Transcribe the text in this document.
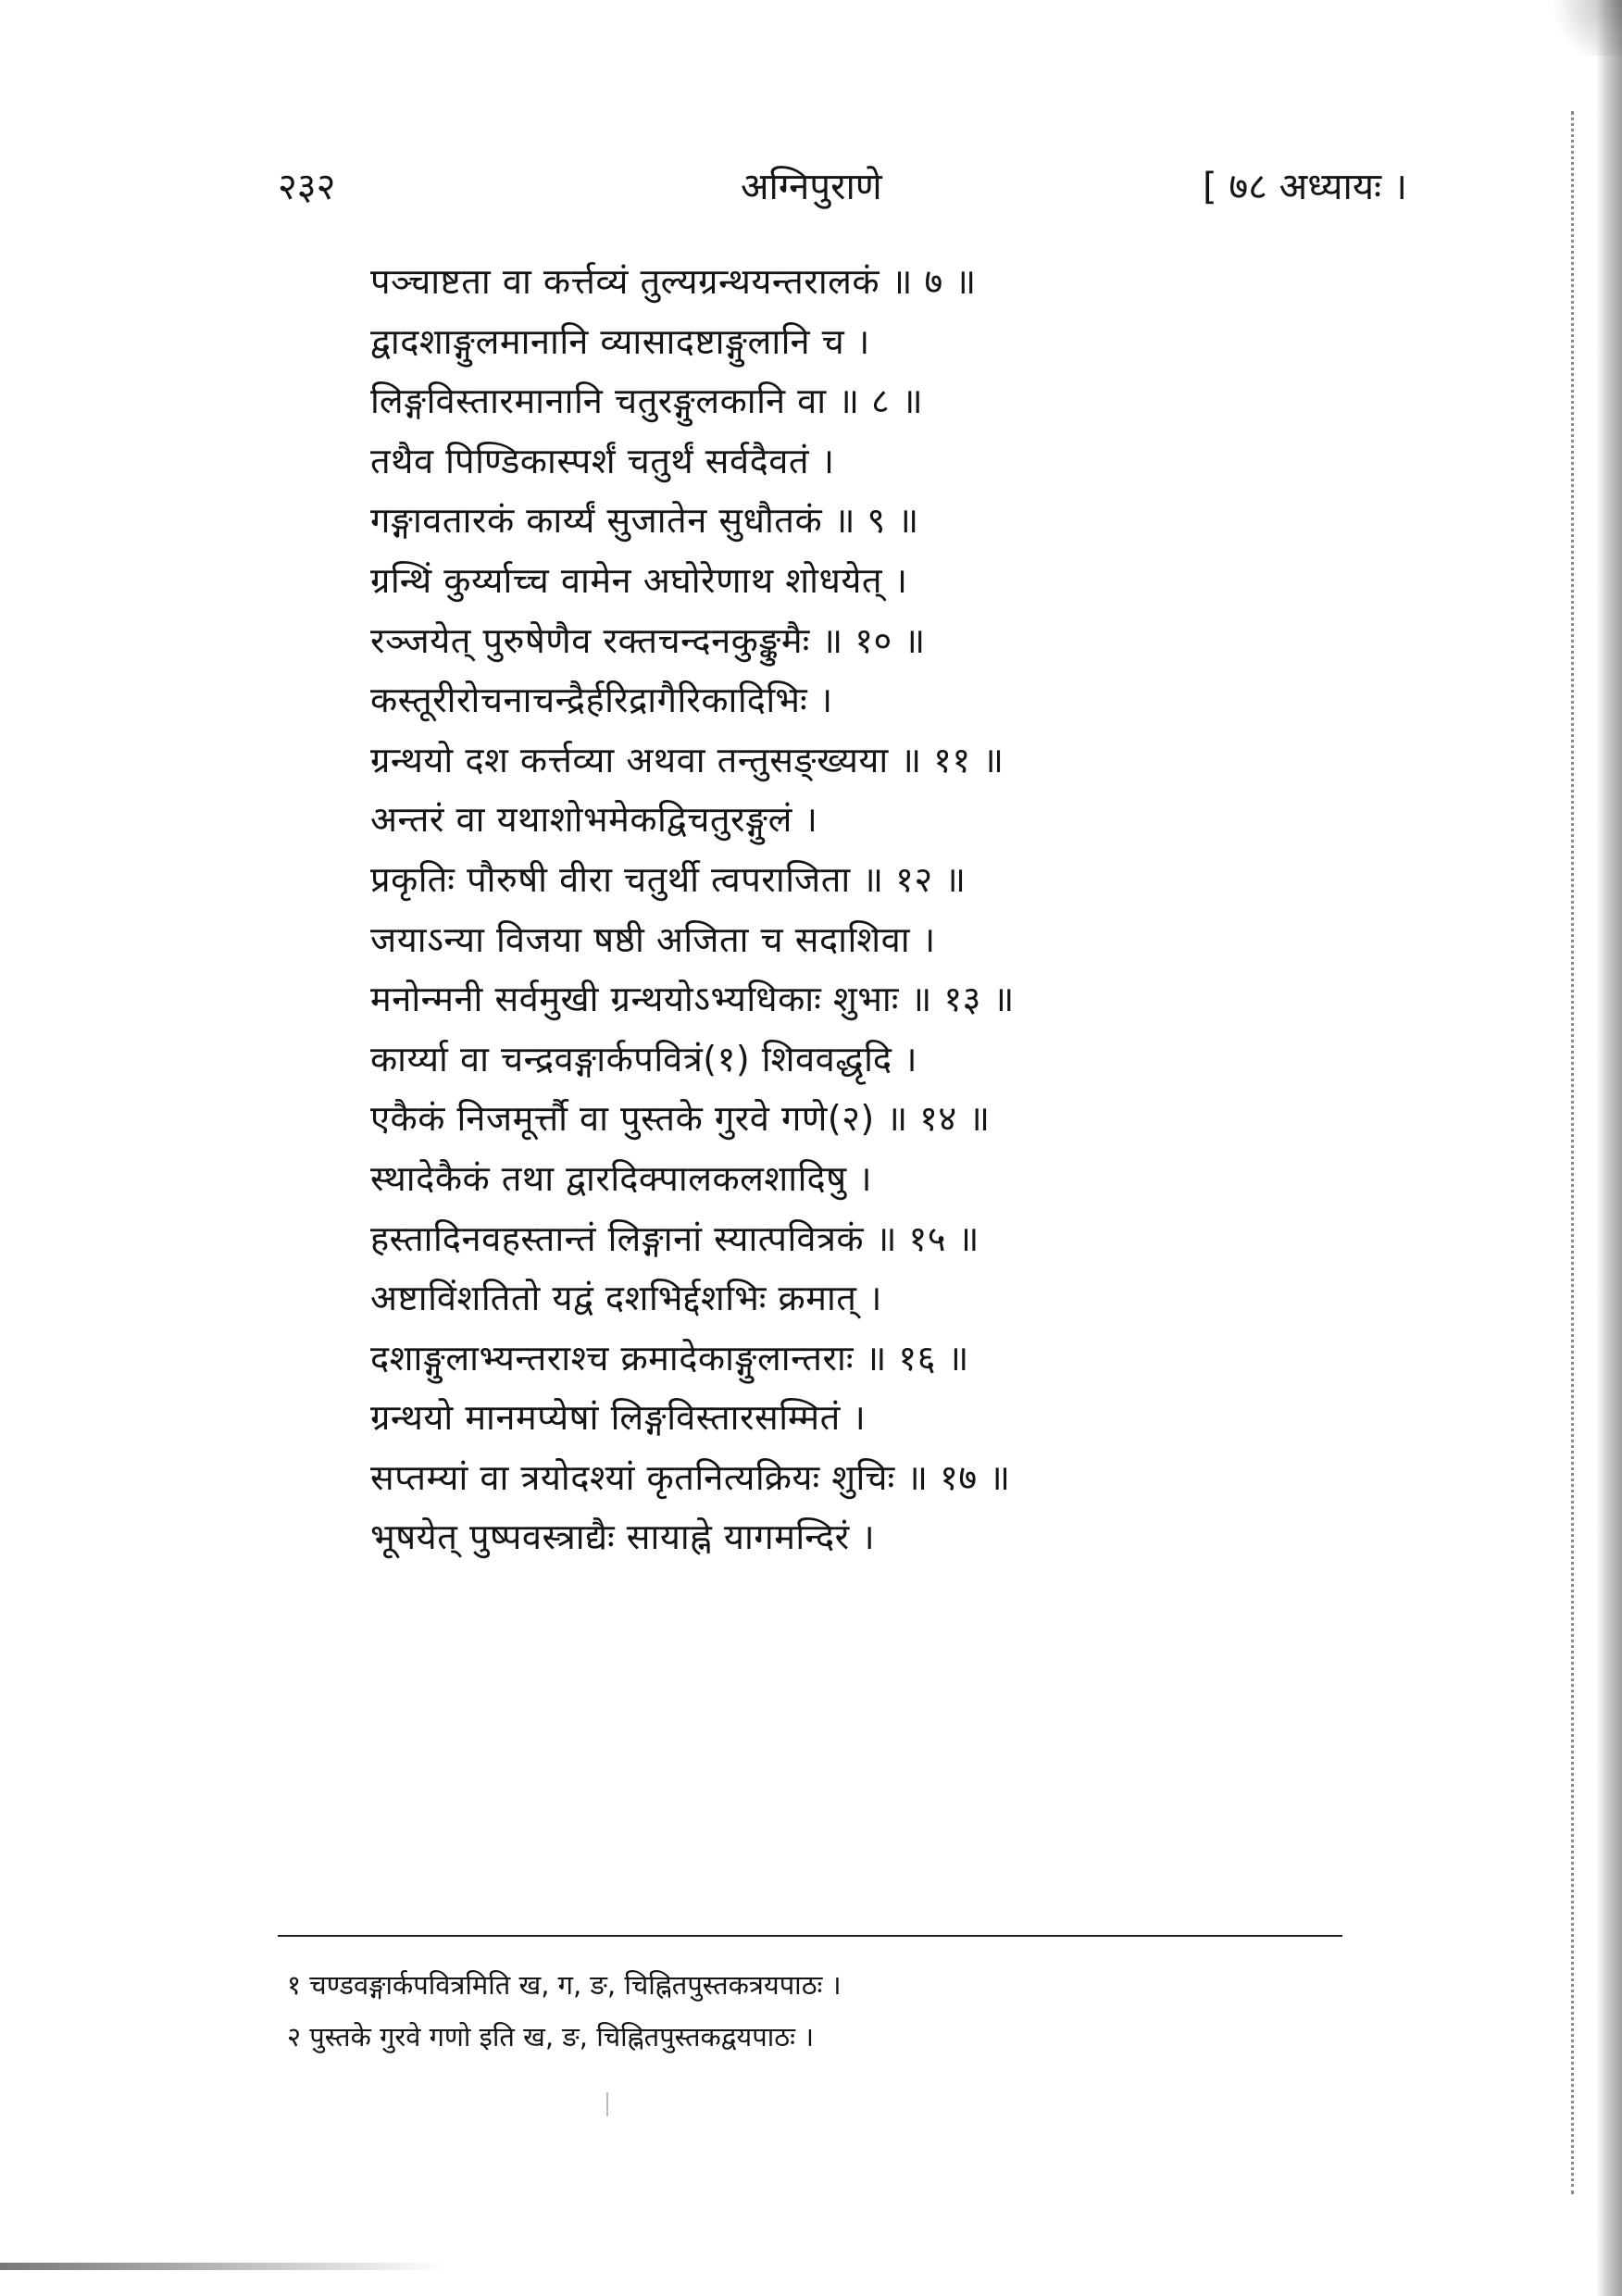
२३२	अग्निपुराणे	[ ७८ अध्यायः ।
पञ्चाष्टता वा कर्त्तव्यं तुल्यग्रन्थयन्तरालकं ॥ ७ ॥
द्वादशाङ्गुलमानानि व्यासादष्टाङ्गुलानि च ।
लिङ्गविस्तारमानानि चतुरङ्गुलकानि वा ॥ ८ ॥
तथैव पिण्डिकास्पर्शं चतुर्थं सर्वदैवतं ।
गङ्गावतारकं कार्य्यं सुजातेन सुधौतकं ॥ ९ ॥
ग्रन्थिं कुर्य्याच्च वामेन अघोरेणाथ शोधयेत् ।
रञ्जयेत् पुरुषेणैव रक्तचन्दनकुङ्कुमैः ॥ १० ॥
कस्तूरीरोचनाचन्द्रैर्हरिद्रागैरिकादिभिः ।
ग्रन्थयो दश कर्त्तव्या अथवा तन्तुसङ्ख्यया ॥ ११ ॥
अन्तरं वा यथाशोभमेकद्विचतुरङ्गुलं ।
प्रकृतिः पौरुषी वीरा चतुर्थी त्वपराजिता ॥ १२ ॥
जयाऽन्या विजया षष्ठी अजिता च सदाशिवा ।
मनोन्मनी सर्वमुखी ग्रन्थयोऽभ्यधिकाः शुभाः ॥ १३ ॥
कार्य्या वा चन्द्रवङ्गार्कपवित्रं(१) शिववद्धृदि ।
एकैकं निजमूर्त्तौ वा पुस्तके गुरवे गणे(२) ॥ १४ ॥
स्थादेकैकं तथा द्वारदिक्पालकलशादिषु ।
हस्तादिनवहस्तान्तं लिङ्गानां स्यात्पवित्रकं ॥ १५ ॥
अष्टाविंशतितो यद्वं दशभिर्द्दशभिः क्रमात् ।
दशाङ्गुलाभ्यन्तराश्च क्रमादेकाङ्गुलान्तराः ॥ १६ ॥
ग्रन्थयो मानमप्येषां लिङ्गविस्तारसम्मितं ।
सप्तम्यां वा त्रयोदश्यां कृतनित्यक्रियः शुचिः ॥ १७ ॥
भूषयेत् पुष्पवस्त्राद्यैः सायाह्ने यागमन्दिरं ।
१ चण्डवङ्गार्कपवित्रमिति ख, ग, ङ, चिह्नितपुस्तकत्रयपाठः ।
२ पुस्तके गुरवे गणो इति ख, ङ, चिह्नितपुस्तकद्वयपाठः ।
